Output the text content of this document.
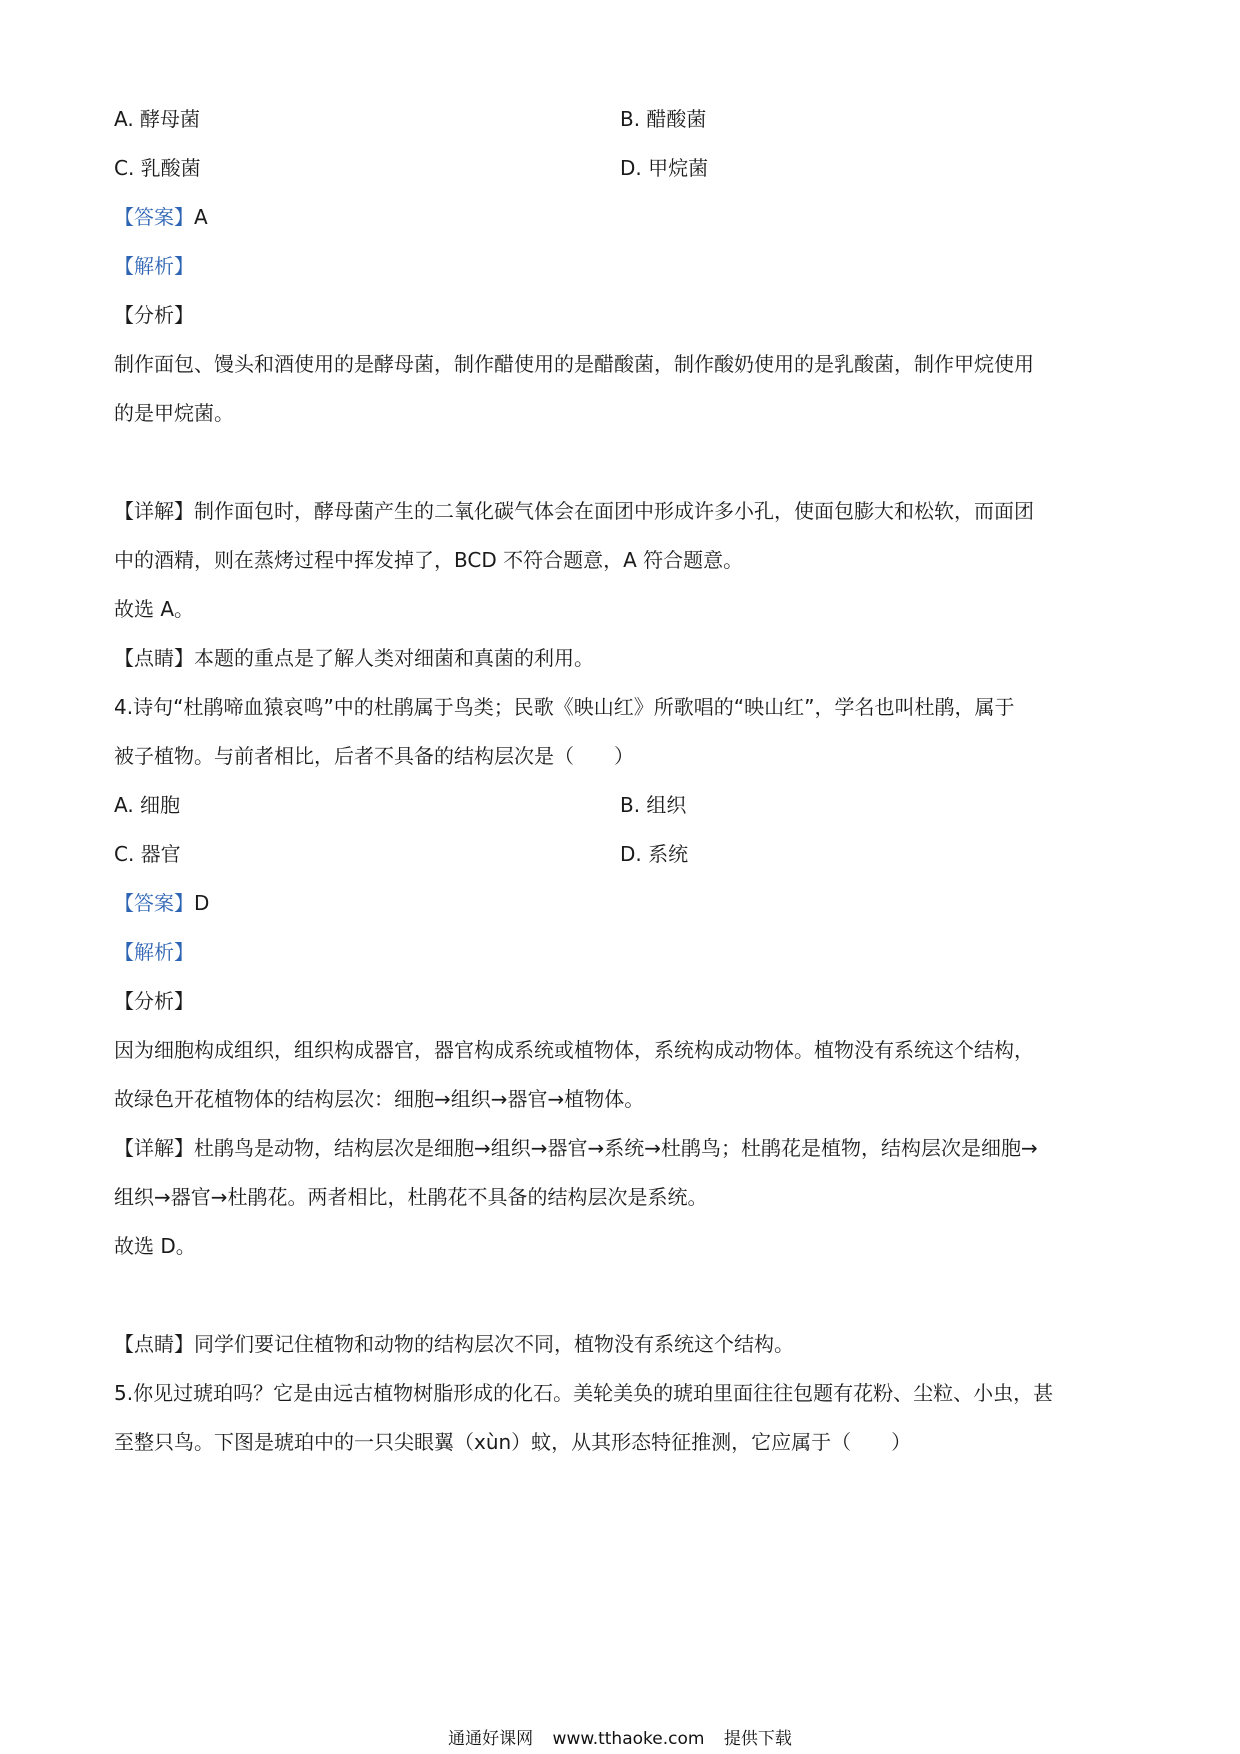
A. 酵母菌	B. 醋酸菌
C. 乳酸菌	D. 甲烷菌
【答案】A
【解析】
【分析】
制作面包、馒头和酒使用的是酵母菌，制作醋使用的是醋酸菌，制作酸奶使用的是乳酸菌，制作甲烷使用
的是甲烷菌。
【详解】制作面包时，酵母菌产生的二氧化碳气体会在面团中形成许多小孔，使面包膨大和松软，而面团
中的酒精，则在蒸烤过程中挥发掉了，BCD 不符合题意，A 符合题意。
故选 A。
【点睛】本题的重点是了解人类对细菌和真菌的利用。
4.诗句“杜鹃啼血猿哀鸣”中的杜鹃属于鸟类；民歌《映山红》所歌唱的“映山红”，学名也叫杜鹃，属于
被子植物。与前者相比，后者不具备的结构层次是（　　）
A. 细胞	B. 组织
C. 器官	D. 系统
【答案】D
【解析】
【分析】
因为细胞构成组织，组织构成器官，器官构成系统或植物体，系统构成动物体。植物没有系统这个结构，
故绿色开花植物体的结构层次：细胞→组织→器官→植物体。
【详解】杜鹃鸟是动物，结构层次是细胞→组织→器官→系统→杜鹃鸟；杜鹃花是植物，结构层次是细胞→
组织→器官→杜鹃花。两者相比，杜鹃花不具备的结构层次是系统。
故选 D。
【点睛】同学们要记住植物和动物的结构层次不同，植物没有系统这个结构。
5.你见过琥珀吗？它是由远古植物树脂形成的化石。美轮美奂的琥珀里面往往包题有花粉、尘粒、小虫，甚
至整只鸟。下图是琥珀中的一只尖眼翼（xùn）蚊，从其形态特征推测，它应属于（　　）
通通好课网 www.tthaoke.com 提供下载
